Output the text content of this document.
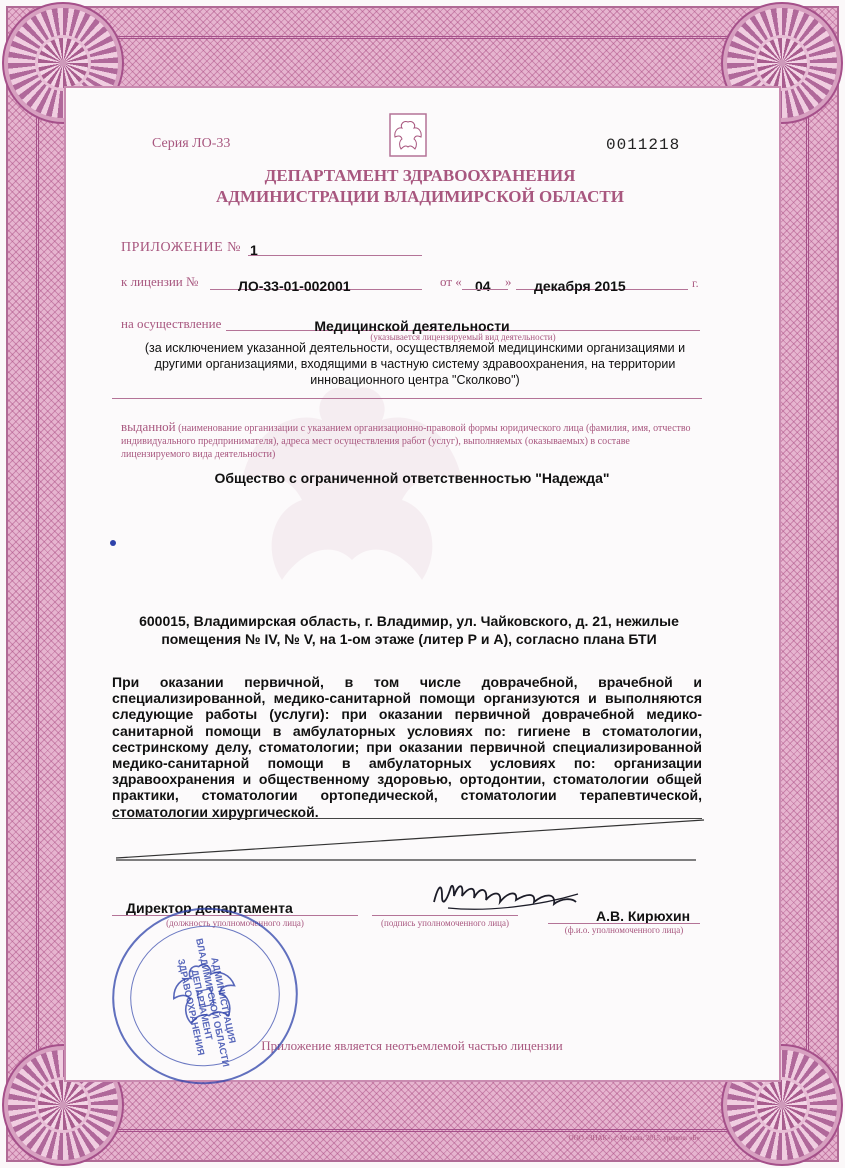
Серия ЛО-33	0011218
ДЕПАРТАМЕНТ ЗДРАВООХРАНЕНИЯ
АДМИНИСТРАЦИИ ВЛАДИМИРСКОЙ ОБЛАСТИ
ПРИЛОЖЕНИЕ № 1
к лицензии №	ЛО-33-01-002001	от « 04 » декабря 2015	г.
на осуществление
(указывается лицензируемый вид деятельности)
Медицинской деятельности
(за исключением указанной деятельности, осуществляемой медицинскими организациями и другими организациями, входящими в частную систему здравоохранения, на территории инновационного центра "Сколково")
выданной (наименование организации с указанием организационно-правовой формы юридического лица (фамилия, имя, отчество индивидуального предпринимателя), адреса мест осуществления работ (услуг), выполняемых (оказываемых) в составе лицензируемого вида деятельности)
Общество с ограниченной ответственностью "Надежда"
600015, Владимирская область, г. Владимир, ул. Чайковского, д. 21, нежилые помещения № IV, № V, на 1-ом этаже (литер Р и А), согласно плана БТИ
При оказании первичной, в том числе доврачебной, врачебной и специализированной, медико-санитарной помощи организуются и выполняются следующие работы (услуги): при оказании первичной доврачебной медико-санитарной помощи в амбулаторных условиях по: гигиене в стоматологии, сестринскому делу, стоматологии; при оказании первичной специализированной медико-санитарной помощи в амбулаторных условиях по: организации здравоохранения и общественному здоровью, ортодонтии, стоматологии общей практики, стоматологии ортопедической, стоматологии терапевтической, стоматологии хирургической.
Директор департамента
(должность уполномоченного лица)	(подпись уполномоченного лица)	А.В. Кирюхин
(ф.и.о. уполномоченного лица)
Приложение является неотъемлемой частью лицензии
ООО «ЗНАК», г. Москва, 2015, уровень «Б»
АДМИНИСТРАЦИЯ ВЛАДИМИРСКОЙ ОБЛАСТИ ДЕПАРТАМЕНТ ЗДРАВООХРАНЕНИЯ
